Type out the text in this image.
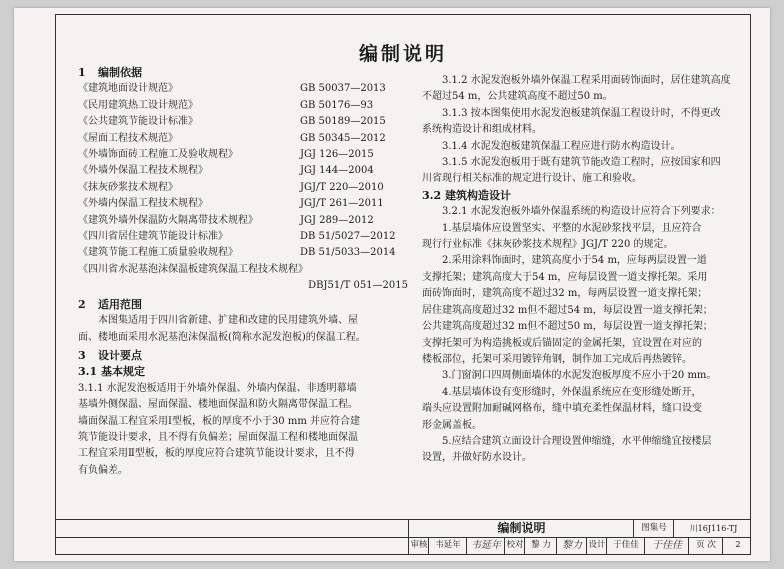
编制说明
1 编制依据
《建筑地面设计规范》	GB 50037—2013
《民用建筑热工设计规范》	GB 50176—93
《公共建筑节能设计标准》	GB 50189—2015
《屋面工程技术规范》	GB 50345—2012
《外墙饰面砖工程施工及验收规程》	JGJ 126—2015
《外墙外保温工程技术规程》	JGJ 144—2004
《抹灰砂浆技术规程》	JGJ/T 220—2010
《外墙内保温工程技术规程》	JGJ/T 261—2011
《建筑外墙外保温防火隔离带技术规程》	JGJ 289—2012
《四川省居住建筑节能设计标准》	DB 51/5027—2012
《建筑节能工程施工质量验收规程》	DB 51/5033—2014
《四川省水泥基泡沫保温板建筑保温工程技术规程》
DBJ51/T 051—2015
2 适用范围
本图集适用于四川省新建、扩建和改建的民用建筑外墙、屋
面、楼地面采用水泥基泡沫保温板(简称水泥发泡板)的保温工程。
3 设计要点
3.1 基本规定
3.1.1 水泥发泡板适用于外墙外保温、外墙内保温、非透明幕墙
基墙外侧保温、屋面保温、楼地面保温和防火隔离带保温工程。
墙面保温工程宜采用Ⅰ型板，板的厚度不小于30 mm 并应符合建
筑节能设计要求，且不得有负偏差；屋面保温工程和楼地面保温
工程宜采用Ⅱ型板，板的厚度应符合建筑节能设计要求，且不得
有负偏差。
3.1.2 水泥发泡板外墙外保温工程采用面砖饰面时，居住建筑高度
不超过54 m，公共建筑高度不超过50 m。
3.1.3 按本图集使用水泥发泡板建筑保温工程设计时，不得更改
系统构造设计和组成材料。
3.1.4 水泥发泡板建筑保温工程应进行防水构造设计。
3.1.5 水泥发泡板用于既有建筑节能改造工程时，应按国家和四
川省现行相关标准的规定进行设计、施工和验收。
3.2 建筑构造设计
3.2.1 水泥发泡板外墙外保温系统的构造设计应符合下列要求：
1.基层墙体应设置坚实、平整的水泥砂浆找平层，且应符合
现行行业标准《抹灰砂浆技术规程》JGJ/T 220 的规定。
2.采用涂料饰面时，建筑高度小于54 m，应每两层设置一道
支撑托架；建筑高度大于54 m，应每层设置一道支撑托架。采用
面砖饰面时，建筑高度不超过32 m，每两层设置一道支撑托架；
居住建筑高度超过32 m但不超过54 m，每层设置一道支撑托架；
公共建筑高度超过32 m但不超过50 m，每层设置一道支撑托架；
支撑托架可为构造挑板或后锚固定的金属托架，宜设置在对应的
楼板部位，托架可采用镀锌角钢，制作加工完成后再热镀锌。
3.门窗洞口四周侧面墙体的水泥发泡板厚度不应小于20 mm。
4.基层墙体设有变形缝时，外保温系统应在变形缝处断开，
端头应设置附加耐碱网格布，缝中填充柔性保温材料，缝口设变
形金属盖板。
5.应结合建筑立面设计合理设置伸缩缝，水平伸缩缝宜按楼层
设置，并做好防水设计。
编制说明	图集号	川16J116-TJ
审核 韦延年	韦延年 校对 黎 力	黎力 设计 于佳佳	于佳佳	页 次	2
